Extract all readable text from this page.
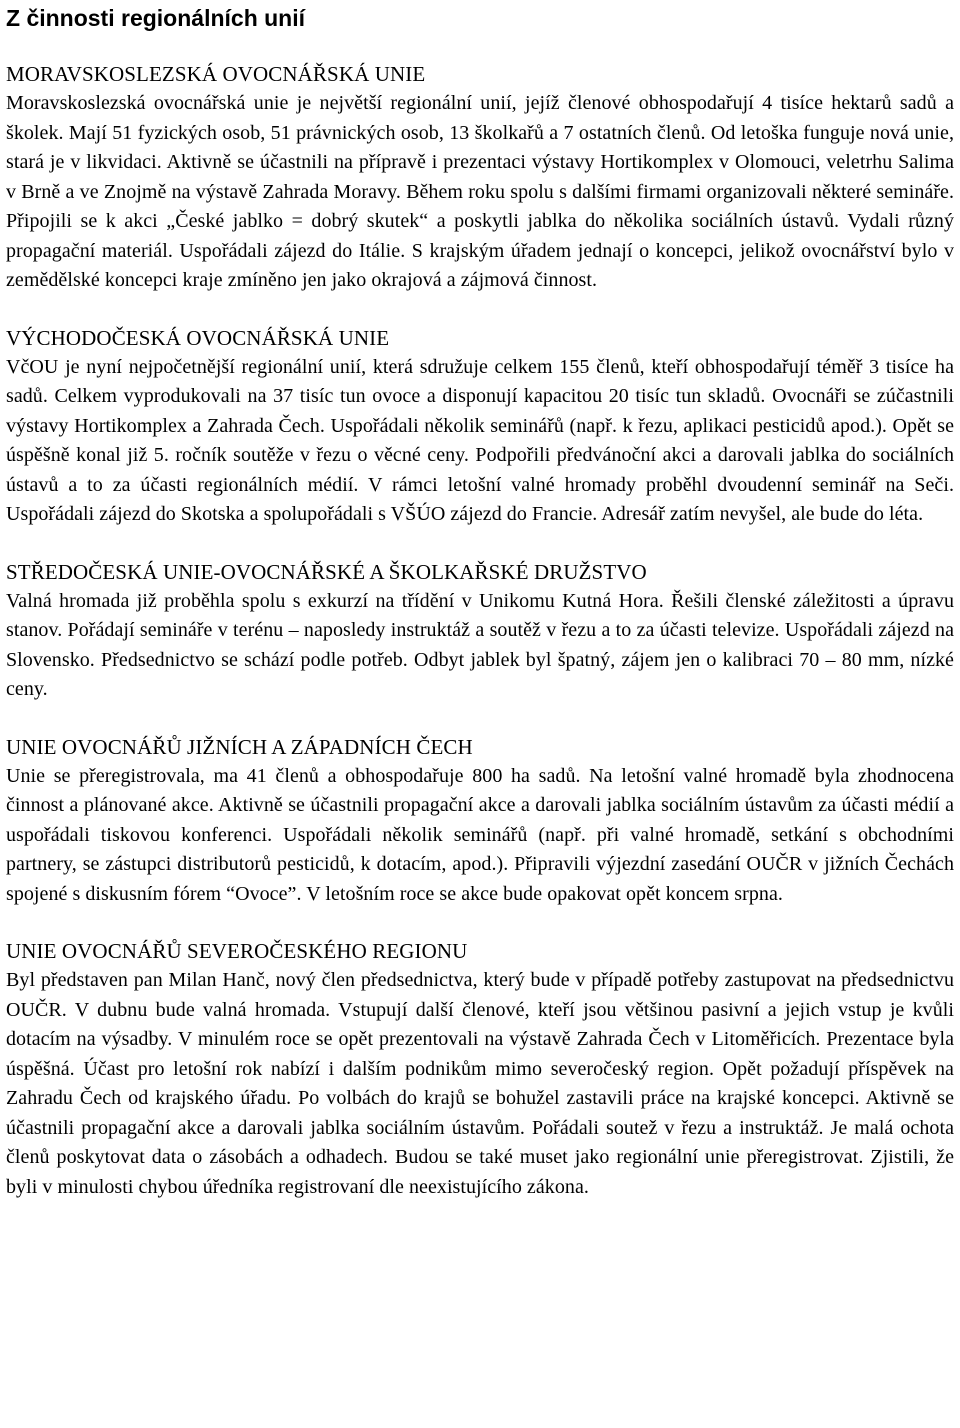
Z činnosti regionálních unií

MORAVSKOSLEZSKÁ OVOCNÁŘSKÁ UNIE

Moravskoslezská ovocnářská unie je největší regionální unií, jejíž členové obhospodařují 4 tisíce hektarů sadů a školek. Mají 51 fyzických osob, 51 právnických osob, 13 školkařů a 7 ostatních členů. Od letoška funguje nová unie, stará je v likvidaci. Aktivně se účastnili na přípravě i prezentaci výstavy Hortikomplex v Olomouci, veletrhu Salima v Brně a ve Znojmě na výstavě Zahrada Moravy. Během roku spolu s dalšími firmami organizovali některé semináře. Připojili se k akci „České jablko = dobrý skutek“ a poskytli jablka do několika sociálních ústavů. Vydali různý propagační materiál. Uspořádali zájezd do Itálie. S krajským úřadem jednají o koncepci, jelikož ovocnářství bylo v zemědělské koncepci kraje zmíněno jen jako okrajová a zájmová činnost.

VÝCHODOČESKÁ OVOCNÁŘSKÁ UNIE

VčOU je nyní nejpočetnější regionální unií, která sdružuje celkem 155 členů, kteří obhospodařují téměř 3 tisíce ha sadů. Celkem vyprodukovali na 37 tisíc tun ovoce a disponují kapacitou 20 tisíc tun skladů. Ovocnáři se zúčastnili výstavy Hortikomplex a Zahrada Čech. Uspořádali několik seminářů (např. k řezu, aplikaci pesticidů apod.). Opět se úspěšně konal již 5. ročník soutěže v řezu o věcné ceny. Podpořili předvánoční akci a darovali jablka do sociálních ústavů a to za účasti regionálních médií. V rámci letošní valné hromady proběhl dvoudenní seminář na Seči. Uspořádali zájezd do Skotska a spolupořádali s VŠÚO zájezd do Francie. Adresář zatím nevyšel, ale bude do léta.

STŘEDOČESKÁ UNIE-OVOCNÁŘSKÉ A ŠKOLKAŘSKÉ DRUŽSTVO

Valná hromada již proběhla spolu s exkurzí na třídění v Unikomu Kutná Hora. Řešili členské záležitosti a úpravu stanov. Pořádají semináře v terénu – naposledy instruktáž a soutěž v řezu a to za účasti televize. Uspořádali zájezd na Slovensko. Předsednictvo se schází podle potřeb. Odbyt jablek byl špatný, zájem jen o kalibraci 70 – 80 mm, nízké ceny.

UNIE OVOCNÁŘŮ JIŽNÍCH A ZÁPADNÍCH ČECH

Unie se přeregistrovala, ma 41 členů a obhospodařuje 800 ha sadů. Na letošní valné hromadě byla zhodnocena činnost a plánované akce. Aktivně se účastnili propagační akce a darovali jablka sociálním ústavům za účasti médií a uspořádali tiskovou konferenci. Uspořádali několik seminářů (např. při valné hromadě, setkání s obchodními partnery, se zástupci distributorů pesticidů, k dotacím, apod.). Připravili výjezdní zasedání OUČR v jižních Čechách spojené s diskusním fórem “Ovoce”. V letošním roce se akce bude opakovat opět koncem srpna.

UNIE OVOCNÁŘŮ SEVEROČESKÉHO REGIONU

Byl představen pan Milan Hanč, nový člen předsednictva, který bude v případě potřeby zastupovat na předsednictvu OUČR. V dubnu bude valná hromada. Vstupují další členové, kteří jsou většinou pasivní a jejich vstup je kvůli dotacím na výsadby. V minulém roce se opět prezentovali na výstavě Zahrada Čech v Litoměřicích. Prezentace byla úspěšná. Účast pro letošní rok nabízí i dalším podnikům mimo severočeský region. Opět požadují příspěvek na Zahradu Čech od krajského úřadu. Po volbách do krajů se bohužel zastavili práce na krajské koncepci. Aktivně se účastnili propagační akce a darovali jablka sociálním ústavům. Pořádali soutež v řezu a instruktáž. Je malá ochota členů poskytovat data o zásobách a odhadech. Budou se také muset jako regionální unie přeregistrovat. Zjistili, že byli v minulosti chybou úředníka registrovaní dle neexistujícího zákona.
